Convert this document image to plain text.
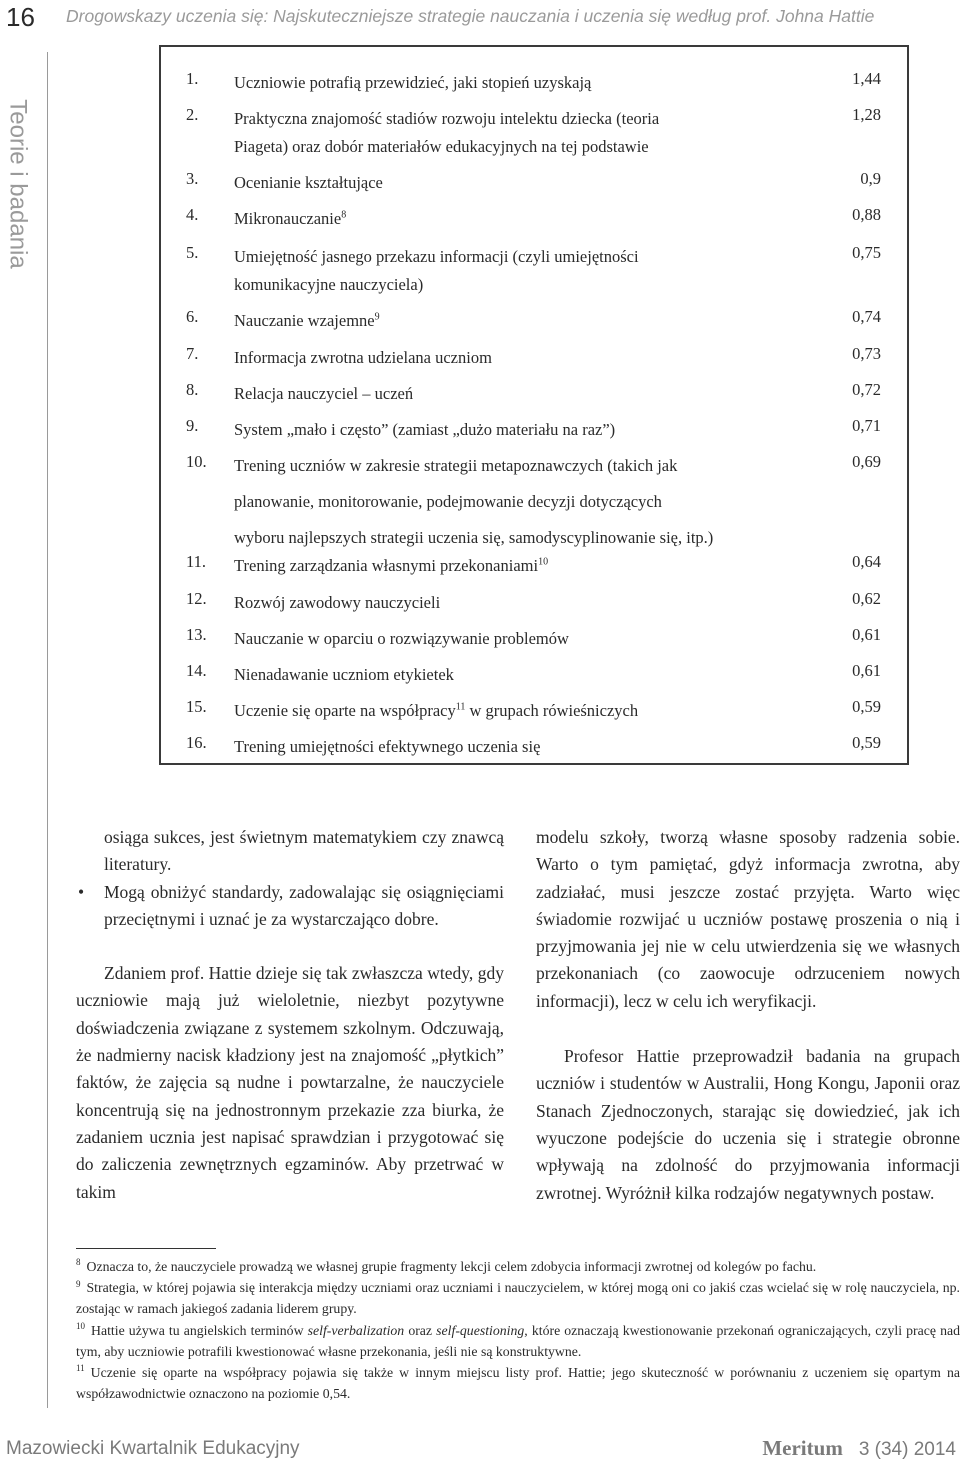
16 Drogowskazy uczenia się: Najskuteczniejsze strategie nauczania i uczenia się według prof. Johna Hattie
Teorie i badania
1.	Uczniowie potrafią przewidzieć, jaki stopień uzyskają	1,44
2.	Praktyczna znajomość stadiów rozwoju intelektu dziecka (teoria
Piageta) oraz dobór materiałów edukacyjnych na tej podstawie
1,28
3.	Ocenianie kształtujące	0,9
4.	Mikronauczanie$^8$	0,88
5.	Umiejętność jasnego przekazu informacji (czyli umiejętności
komunikacyjne nauczyciela)
0,75
6.	Nauczanie wzajemne$^9$	0,74
7.	Informacja zwrotna udzielana uczniom	0,73
8.	Relacja nauczyciel – uczeń	0,72
9.	System „mało i często” (zamiast „dużo materiału na raz”)	0,71
10.	Trening uczniów w zakresie strategii metapoznawczych (takich jak
planowanie, monitorowanie, podejmowanie decyzji dotyczących
wyboru najlepszych strategii uczenia się, samodyscyplinowanie się, itp.)
0,69
11.	Trening zarządzania własnymi przekonaniami$^{10}$	0,64
12.	Rozwój zawodowy nauczycieli	0,62
13.	Nauczanie w oparciu o rozwiązywanie problemów	0,61
14.	Nienadawanie uczniom etykietek	0,61
15.	Uczenie się oparte na współpracy$^{11}$ w grupach rówieśniczych	0,59
16.	Trening umiejętności efektywnego uczenia się	0,59

osiąga sukces, jest świetnym matematykiem czy znawcą literatury.

• Mogą obniżyć standardy, zadowalając się osiągnięciami przeciętnymi i uznać je za wystarczająco dobre.

Zdaniem prof. Hattie dzieje się tak zwłaszcza wtedy, gdy uczniowie mają już wieloletnie, niezbyt pozytywne doświadczenia związane z systemem szkolnym. Odczuwają, że nadmierny nacisk kładziony jest na znajomość „płytkich” faktów, że zajęcia są nudne i powtarzalne, że nauczyciele koncentrują się na jednostronnym przekazie zza biurka, że zadaniem ucznia jest napisać sprawdzian i przygotować się do zaliczenia zewnętrznych egzaminów. Aby przetrwać w takim

modelu szkoły, tworzą własne sposoby radzenia sobie. Warto o tym pamiętać, gdyż informacja zwrotna, aby zadziałać, musi jeszcze zostać przyjęta. Warto więc świadomie rozwijać u uczniów postawę proszenia o nią i przyjmowania jej nie w celu utwierdzenia się we własnych przekonaniach (co zaowocuje odrzuceniem nowych informacji), lecz w celu ich weryfikacji.

Profesor Hattie przeprowadził badania na grupach uczniów i studentów w Australii, Hong Kongu, Japonii oraz Stanach Zjednoczonych, starając się dowiedzieć, jak ich wyuczone podejście do uczenia się i strategie obronne wpływają na zdolność do przyjmowania informacji zwrotnej. Wyróżnił kilka rodzajów negatywnych postaw.

$^8$ Oznacza to, że nauczyciele prowadzą we własnej grupie fragmenty lekcji celem zdobycia informacji zwrotnej od kolegów po fachu.

$^9$ Strategia, w której pojawia się interakcja między uczniami oraz uczniami i nauczycielem, w której mogą oni co jakiś czas wcielać się w rolę nauczyciela, np. zostając w ramach jakiegoś zadania liderem grupy.

$^{10}$ Hattie używa tu angielskich terminów self-verbalization oraz self-questioning, które oznaczają kwestionowanie przekonań ograniczających, czyli pracę nad tym, aby uczniowie potrafili kwestionować własne przekonania, jeśli nie są konstruktywne.

$^{11}$ Uczenie się oparte na współpracy pojawia się także w innym miejscu listy prof. Hattie; jego skuteczność w porównaniu z uczeniem się opartym na współzawodnictwie oznaczono na poziomie 0,54.

Mazowiecki Kwartalnik Edukacyjny	Meritum 3 (34) 2014
